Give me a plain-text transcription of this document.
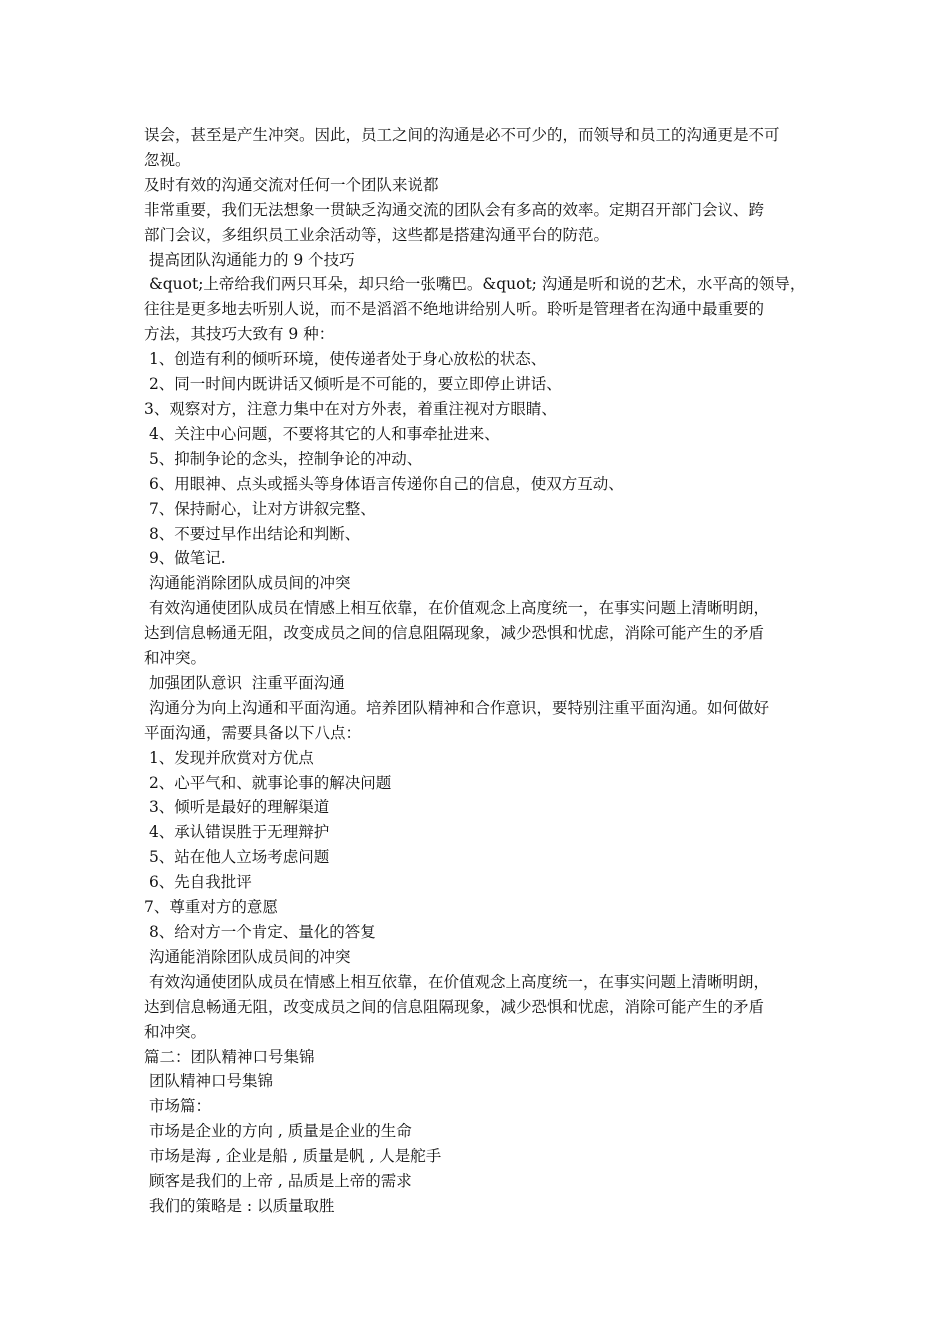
误会，甚至是产生冲突。因此，员工之间的沟通是必不可少的，而领导和员工的沟通更是不可
忽视。
及时有效的沟通交流对任何一个团队来说都
非常重要，我们无法想象一贯缺乏沟通交流的团队会有多高的效率。定期召开部门会议、跨
部门会议，多组织员工业余活动等，这些都是搭建沟通平台的防范。
提高团队沟通能力的 9 个技巧
&quot;上帝给我们两只耳朵，却只给一张嘴巴。&quot; 沟通是听和说的艺术，水平高的领导，
往往是更多地去听别人说，而不是滔滔不绝地讲给别人听。聆听是管理者在沟通中最重要的
方法，其技巧大致有 9 种：
1、创造有利的倾听环境，使传递者处于身心放松的状态、
2、同一时间内既讲话又倾听是不可能的，要立即停止讲话、
3、观察对方，注意力集中在对方外表，着重注视对方眼睛、
4、关注中心问题，不要将其它的人和事牵扯进来、
5、抑制争论的念头，控制争论的冲动、
6、用眼神、点头或摇头等身体语言传递你自己的信息，使双方互动、
7、保持耐心，让对方讲叙完整、
8、不要过早作出结论和判断、
9、做笔记.
沟通能消除团队成员间的冲突
有效沟通使团队成员在情感上相互依靠，在价值观念上高度统一，在事实问题上清晰明朗，
达到信息畅通无阻，改变成员之间的信息阻隔现象，减少恐惧和忧虑，消除可能产生的矛盾
和冲突。
加强团队意识  注重平面沟通
沟通分为向上沟通和平面沟通。培养团队精神和合作意识，要特别注重平面沟通。如何做好
平面沟通，需要具备以下八点：
1、发现并欣赏对方优点
2、心平气和、就事论事的解决问题
3、倾听是最好的理解渠道
4、承认错误胜于无理辩护
5、站在他人立场考虑问题
6、先自我批评
7、尊重对方的意愿
8、给对方一个肯定、量化的答复
沟通能消除团队成员间的冲突
有效沟通使团队成员在情感上相互依靠，在价值观念上高度统一，在事实问题上清晰明朗，
达到信息畅通无阻，改变成员之间的信息阻隔现象，减少恐惧和忧虑，消除可能产生的矛盾
和冲突。
篇二：团队精神口号集锦
团队精神口号集锦
市场篇：
市场是企业的方向 , 质量是企业的生命
市场是海 , 企业是船 , 质量是帆 , 人是舵手
顾客是我们的上帝 , 品质是上帝的需求
我们的策略是 : 以质量取胜
